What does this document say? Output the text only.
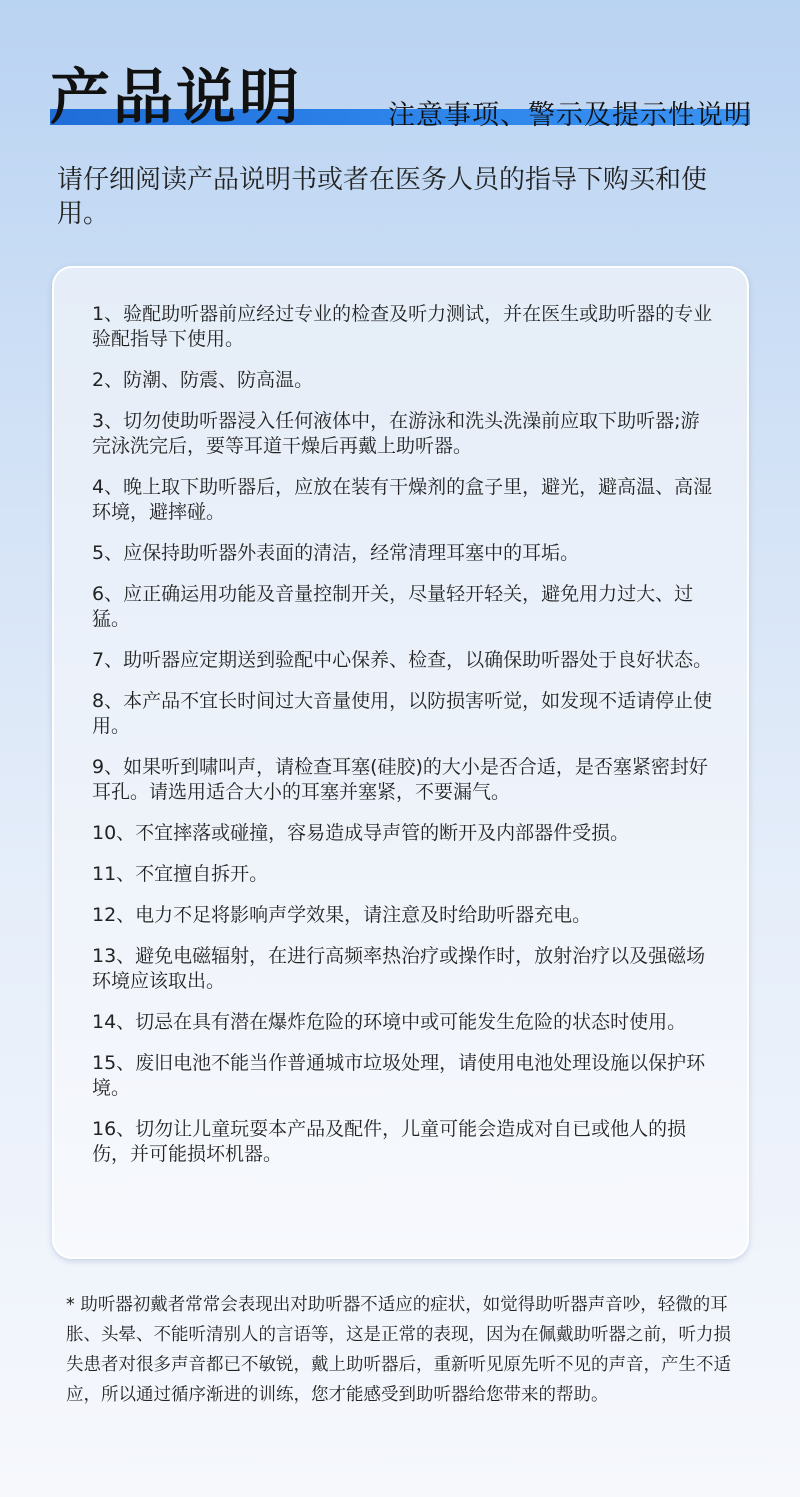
产品说明	注意事项、警示及提示性说明
请仔细阅读产品说明书或者在医务人员的指导下购买和使用。
1、验配助听器前应经过专业的检查及听力测试，并在医生或助听器的专业验配指导下使用。
2、防潮、防震、防高温。
3、切勿使助听器浸入任何液体中，在游泳和洗头洗澡前应取下助听器;游完泳洗完后，要等耳道干燥后再戴上助听器。
4、晚上取下助听器后，应放在装有干燥剂的盒子里，避光，避高温、高湿环境，避摔碰。
5、应保持助听器外表面的清洁，经常清理耳塞中的耳垢。
6、应正确运用功能及音量控制开关，尽量轻开轻关，避免用力过大、过猛。
7、助听器应定期送到验配中心保养、检查，以确保助听器处于良好状态。
8、本产品不宜长时间过大音量使用，以防损害听觉，如发现不适请停止使用。
9、如果听到啸叫声，请检查耳塞(硅胶)的大小是否合适，是否塞紧密封好耳孔。请选用适合大小的耳塞并塞紧，不要漏气。
10、不宜摔落或碰撞，容易造成导声管的断开及内部器件受损。
11、不宜擅自拆开。
12、电力不足将影响声学效果，请注意及时给助听器充电。
13、避免电磁辐射，在进行高频率热治疗或操作时，放射治疗以及强磁场环境应该取出。
14、切忌在具有潜在爆炸危险的环境中或可能发生危险的状态时使用。
15、废旧电池不能当作普通城市垃圾处理，请使用电池处理设施以保护环境。
16、切勿让儿童玩耍本产品及配件，儿童可能会造成对自已或他人的损伤，并可能损坏机器。
* 助听器初戴者常常会表现出对助听器不适应的症状，如觉得助听器声音吵，轻微的耳胀、头晕、不能听清别人的言语等，这是正常的表现，因为在佩戴助听器之前，听力损失患者对很多声音都已不敏锐，戴上助听器后，重新听见原先听不见的声音，产生不适应，所以通过循序渐进的训练，您才能感受到助听器给您带来的帮助。
